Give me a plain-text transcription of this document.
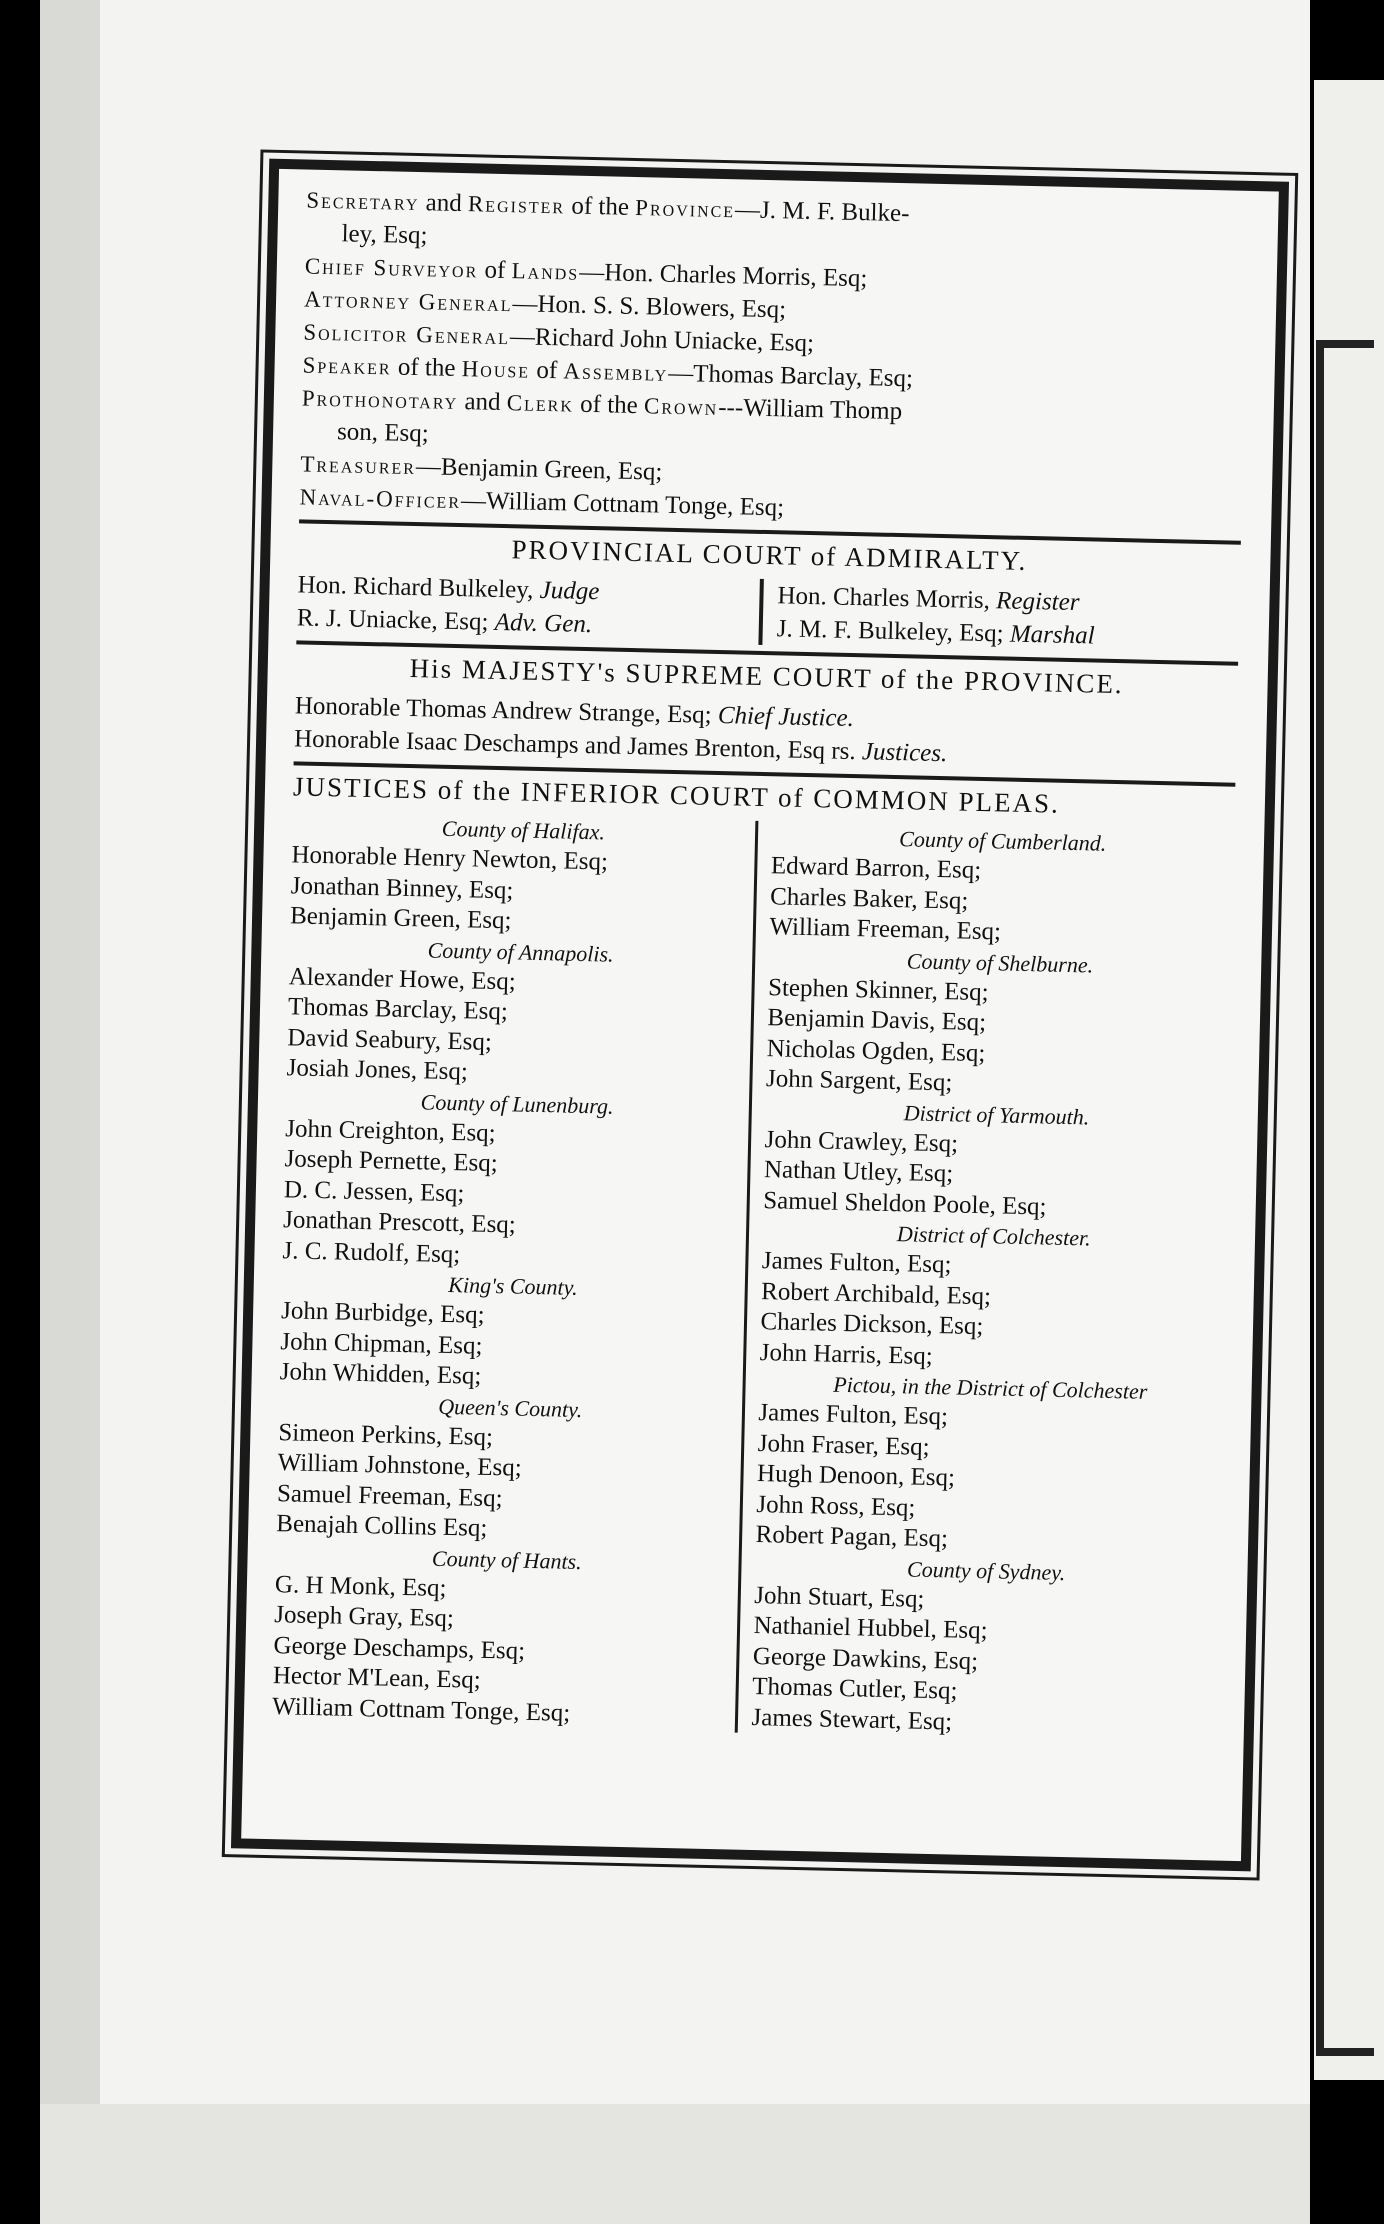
Secretary and Register of the Province—J. M. F. Bulke-

ley, Esq;

Chief Surveyor of Lands—Hon. Charles Morris, Esq;

Attorney General—Hon. S. S. Blowers, Esq;

Solicitor General—Richard John Uniacke, Esq;

Speaker of the House of Assembly—Thomas Barclay, Esq;

Prothonotary and Clerk of the Crown---William Thomp

son, Esq;

Treasurer—Benjamin Green, Esq;

Naval-Officer—William Cottnam Tonge, Esq;

PROVINCIAL COURT of ADMIRALTY.
Hon. Richard Bulkeley, Judge
R. J. Uniacke, Esq; Adv. Gen.
Hon. Charles Morris, Register
J. M. F. Bulkeley, Esq; Marshal
His MAJESTY's SUPREME COURT of the PROVINCE.
Honorable Thomas Andrew Strange, Esq; Chief Justice.
Honorable Isaac Deschamps and James Brenton, Esq rs. Justices.
JUSTICES of the INFERIOR COURT of COMMON PLEAS.
County of Halifax.
Honorable Henry Newton, Esq;
Jonathan Binney, Esq;
Benjamin Green, Esq;
County of Annapolis.
Alexander Howe, Esq;
Thomas Barclay, Esq;
David Seabury, Esq;
Josiah Jones, Esq;
County of Lunenburg.
John Creighton, Esq;
Joseph Pernette, Esq;
D. C. Jessen, Esq;
Jonathan Prescott, Esq;
J. C. Rudolf, Esq;
King's County.
John Burbidge, Esq;
John Chipman, Esq;
John Whidden, Esq;
Queen's County.
Simeon Perkins, Esq;
William Johnstone, Esq;
Samuel Freeman, Esq;
Benajah Collins Esq;
County of Hants.
G. H Monk, Esq;
Joseph Gray, Esq;
George Deschamps, Esq;
Hector M'Lean, Esq;
William Cottnam Tonge, Esq;
County of Cumberland.
Edward Barron, Esq;
Charles Baker, Esq;
William Freeman, Esq;
County of Shelburne.
Stephen Skinner, Esq;
Benjamin Davis, Esq;
Nicholas Ogden, Esq;
John Sargent, Esq;
District of Yarmouth.
John Crawley, Esq;
Nathan Utley, Esq;
Samuel Sheldon Poole, Esq;
District of Colchester.
James Fulton, Esq;
Robert Archibald, Esq;
Charles Dickson, Esq;
John Harris, Esq;
Pictou, in the District of Colchester
James Fulton, Esq;
John Fraser, Esq;
Hugh Denoon, Esq;
John Ross, Esq;
Robert Pagan, Esq;
County of Sydney.
John Stuart, Esq;
Nathaniel Hubbel, Esq;
George Dawkins, Esq;
Thomas Cutler, Esq;
James Stewart, Esq;
